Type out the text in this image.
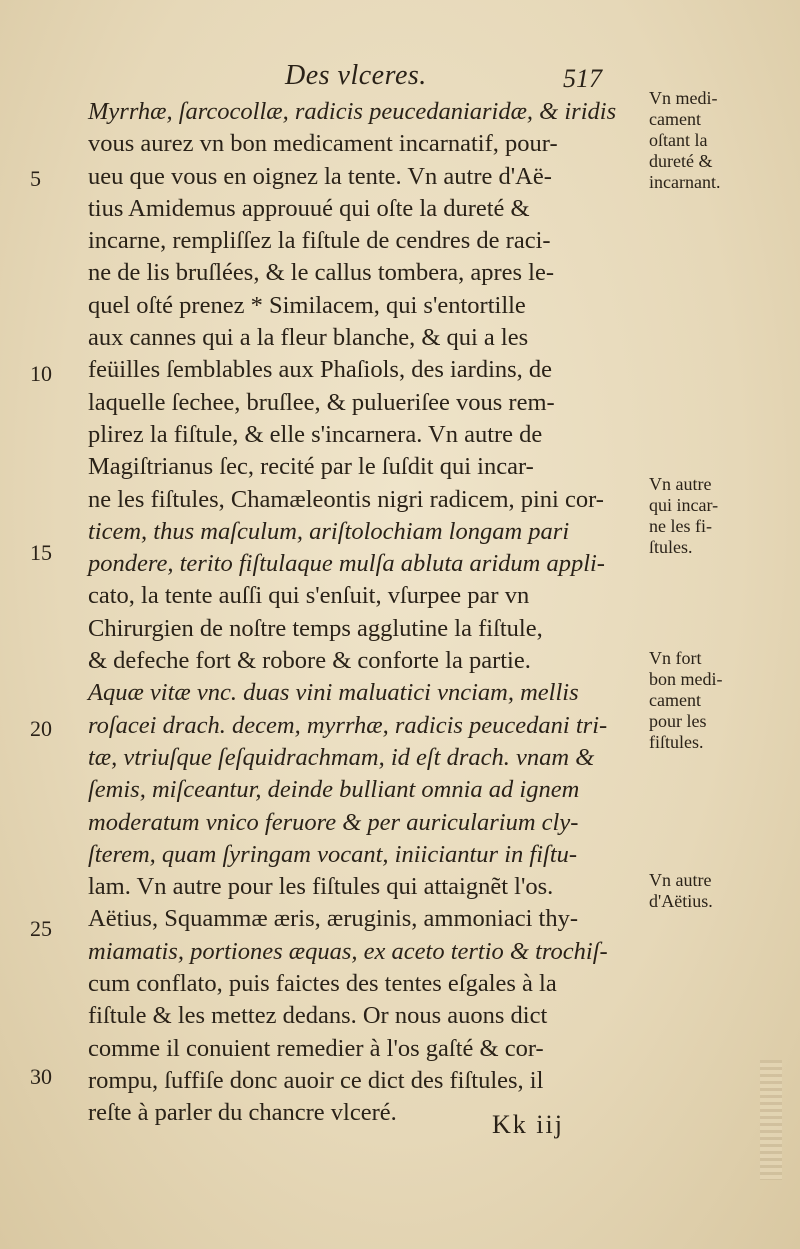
Des vlceres.	517
Myrrhæ, ſarcocollæ, radicis peucedaniaridæ, & iridis
vous aurez vn bon medicament incarnatif, pour-
ueu que vous en oignez la tente. Vn autre d'Aë-
tius Amidemus approuué qui oſte la dureté &
incarne, rempliſſez la fiſtule de cendres de raci-
ne de lis bruſlées, & le callus tombera, apres le-
quel oſté prenez * Similacem, qui s'entortille
aux cannes qui a la fleur blanche, & qui a les
feüilles ſemblables aux Phaſiols, des iardins, de
laquelle ſechee, bruſlee, & pulueriſee vous rem-
plirez la fiſtule, & elle s'incarnera. Vn autre de
Magiſtrianus ſec, recité par le ſuſdit qui incar-
ne les fiſtules, Chamæleontis nigri radicem, pini cor-
ticem, thus maſculum, ariſtolochiam longam pari
pondere, terito fiſtulaque mulſa abluta aridum appli-
cato, la tente auſſi qui s'enſuit, vſurpee par vn
Chirurgien de noſtre temps agglutine la fiſtule,
& defeche fort & robore & conforte la partie.
Aquæ vitæ vnc. duas vini maluatici vnciam, mellis
roſacei drach. decem, myrrhæ, radicis peucedani tri-
tæ, vtriuſque ſeſquidrachmam, id eſt drach. vnam &
ſemis, miſceantur, deinde bulliant omnia ad ignem
moderatum vnico feruore & per auricularium cly-
ſterem, quam ſyringam vocant, iniiciantur in fiſtu-
lam. Vn autre pour les fiſtules qui attaignẽt l'os.
Aëtius, Squammæ æris, æruginis, ammoniaci thy-
miamatis, portiones æquas, ex aceto tertio & trochiſ-
cum conflato, puis faictes des tentes eſgales à la
fiſtule & les mettez dedans. Or nous auons dict
comme il conuient remedier à l'os gaſté & cor-
rompu, ſuffiſe donc auoir ce dict des fiſtules, il
reſte à parler du chancre vlceré.
5
10
15
20
25
30
Vn medi-
cament
oſtant la
dureté &
incarnant.
Vn autre
qui incar-
ne les fi-
ſtules.
Vn fort
bon medi-
cament
pour les
fiſtules.
Vn autre
d'Aëtius.
Kk iij
